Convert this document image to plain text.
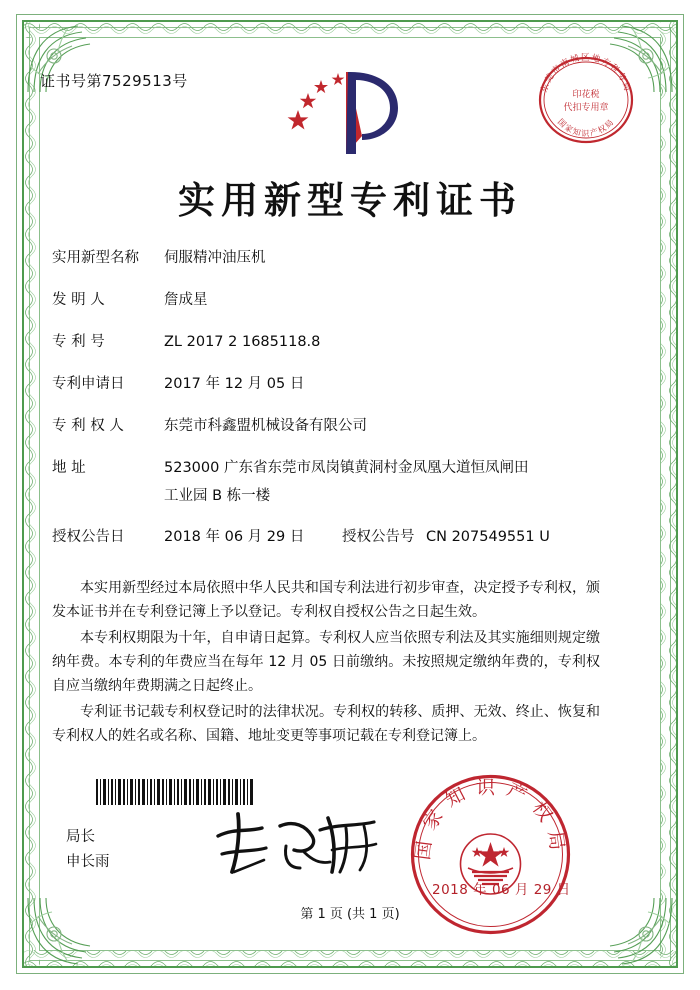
证书号第7529513号	东莞市南城区地方税务局
国家知识产权局
印花税
代扣专用章
实用新型专利证书
实用新型名称	伺服精冲油压机
发 明 人	詹成星
专 利 号	ZL 2017 2 1685118.8
专利申请日	2017 年 12 月 05 日
专 利 权 人	东莞市科鑫盟机械设备有限公司
地 址	523000 广东省东莞市凤岗镇黄洞村金凤凰大道恒凤闸田
工业园 B 栋一楼
授权公告日	2018 年 06 月 29 日	授权公告号 CN 207549551 U

本实用新型经过本局依照中华人民共和国专利法进行初步审查，决定授予专利权，颁发本证书并在专利登记簿上予以登记。专利权自授权公告之日起生效。

本专利权期限为十年，自申请日起算。专利权人应当依照专利法及其实施细则规定缴纳年费。本专利的年费应当在每年 12 月 05 日前缴纳。未按照规定缴纳年费的，专利权自应当缴纳年费期满之日起终止。

专利证书记载专利权登记时的法律状况。专利权的转移、质押、无效、终止、恢复和专利权人的姓名或名称、国籍、地址变更等事项记载在专利登记簿上。

局长
申长雨
国家知识产权局
2018 年 06 月 29 日
第 1 页 (共 1 页)
